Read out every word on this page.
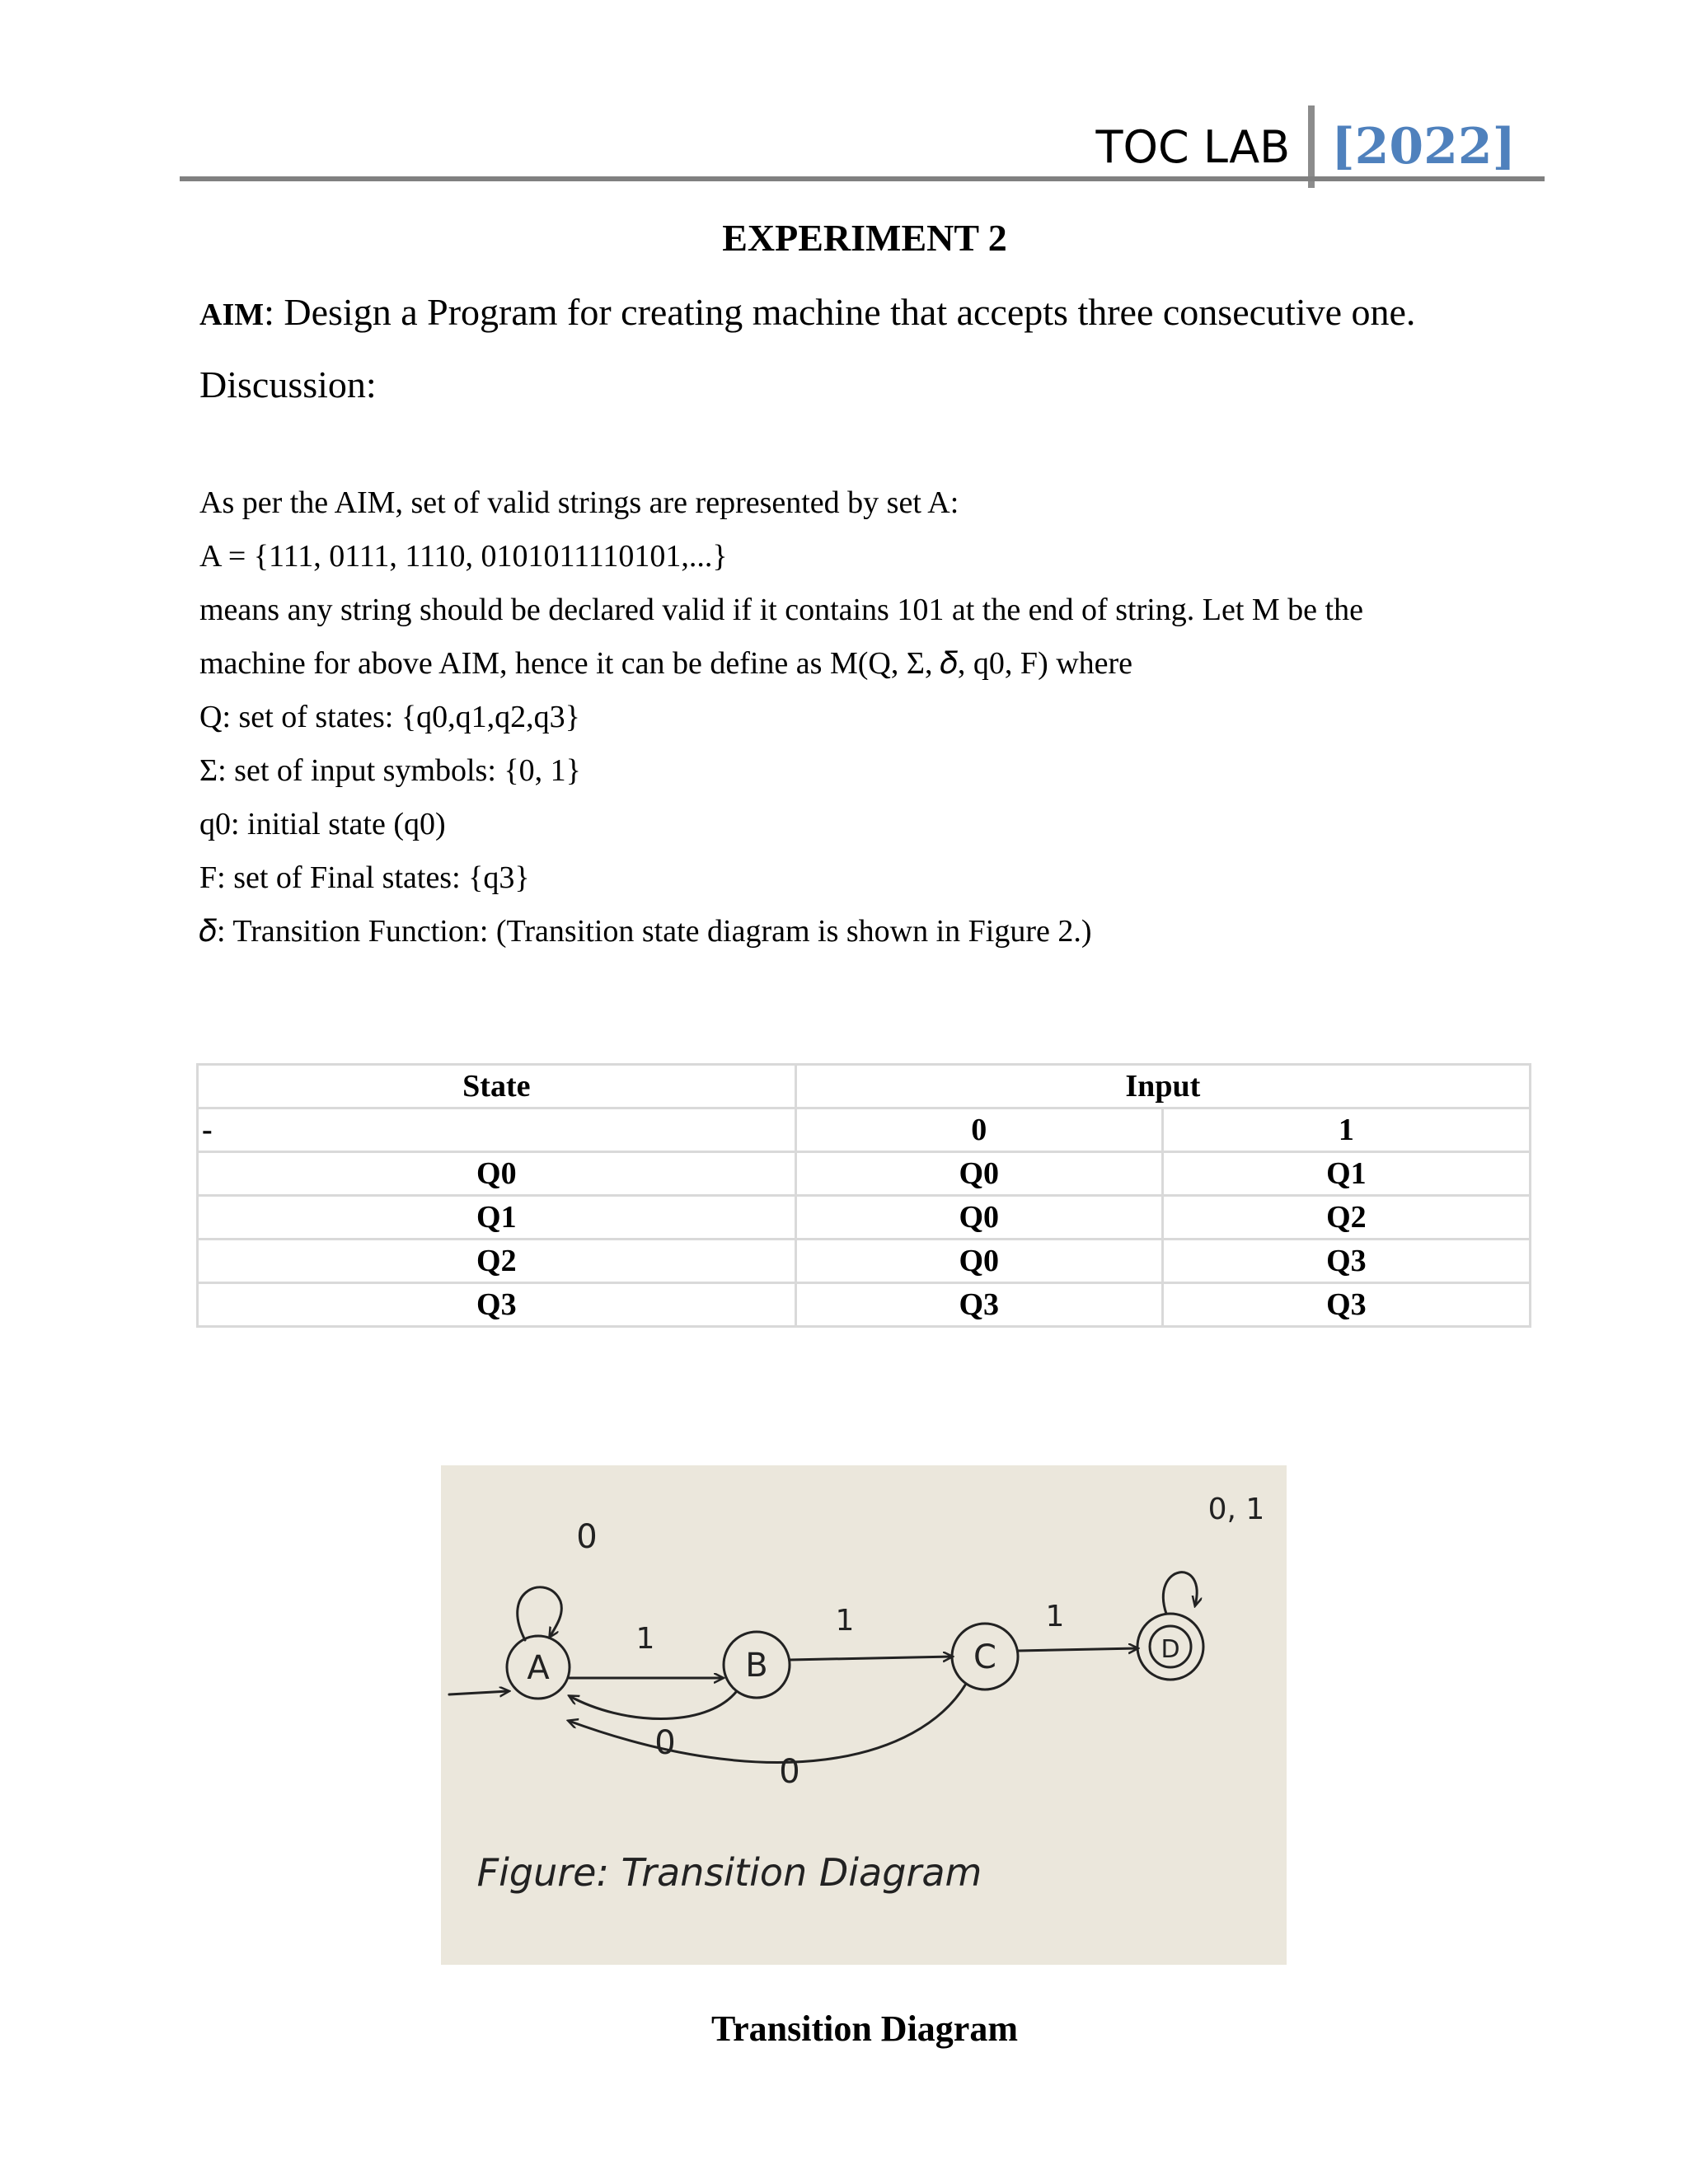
TOC LAB [2022]
EXPERIMENT 2
AIM: Design a Program for creating machine that accepts three consecutive one.
Discussion:
As per the AIM, set of valid strings are represented by set A:
A = {111, 0111, 1110, 0101011110101,...}
means any string should be declared valid if it contains 101 at the end of string. Let M be the
machine for above AIM, hence it can be define as M(Q, Σ, 𝛿, q0, F) where
Q: set of states: {q0,q1,q2,q3}
Σ: set of input symbols: {0, 1}
q0: initial state (q0)
F: set of Final states: {q3}
𝛿: Transition Function: (Transition state diagram is shown in Figure 2.)
State	Input	
-	0	1
Q0	Q0	Q1
Q1	Q0	Q2
Q2	Q0	Q3
Q3	Q3	Q3
A	B	C	D
0
1
1	1
0
0
0, 1
Figure: Transition Diagram
Transition Diagram
